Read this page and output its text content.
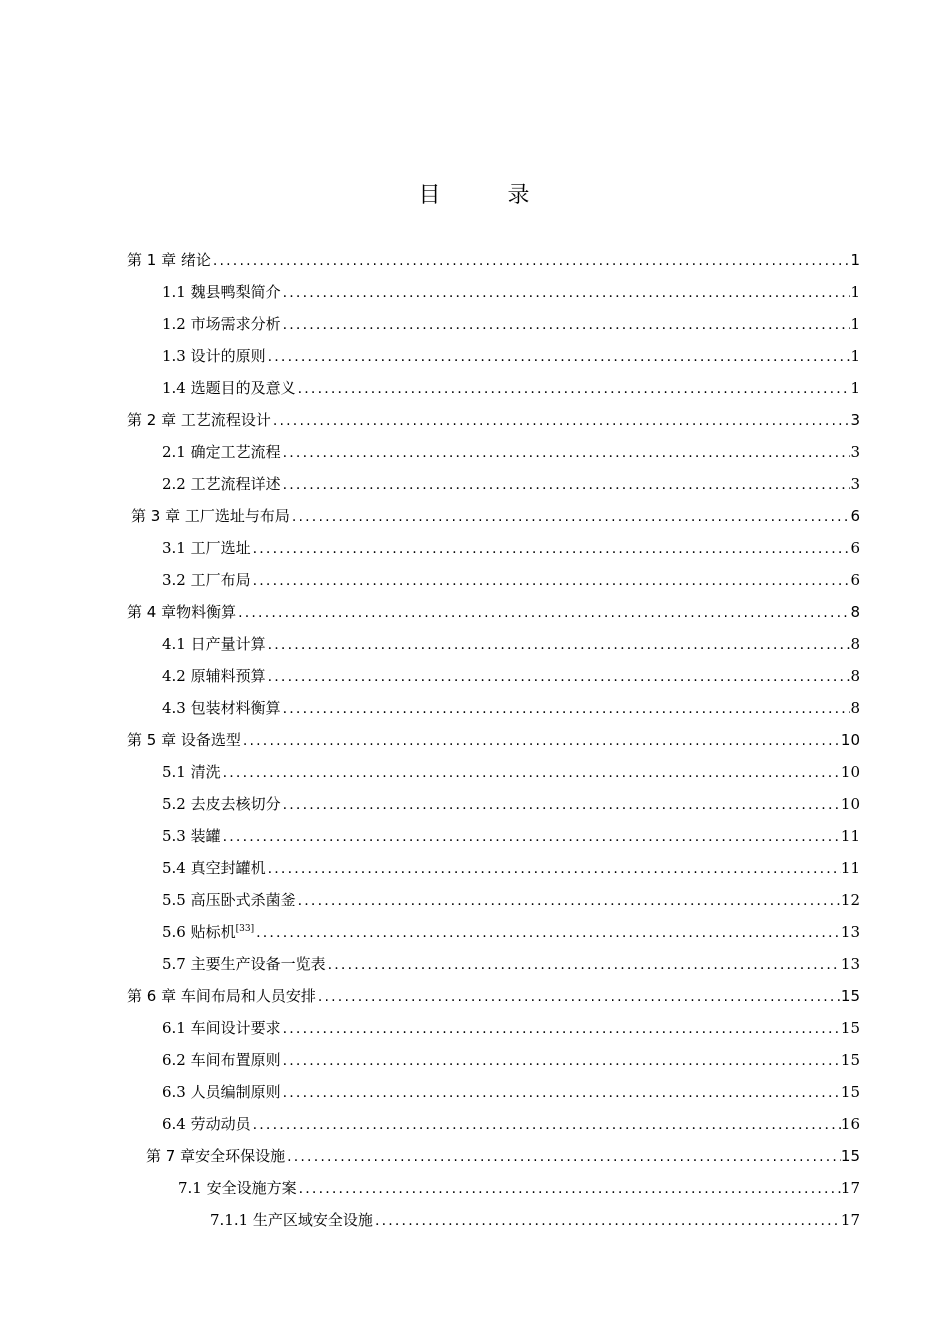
目 录
第 1 章 绪论 .....	1
1.1 魏县鸭梨简介 .....	1
1.2 市场需求分析 .....	1
1.3 设计的原则 .....	1
1.4 选题目的及意义 .....	1
第 2 章 工艺流程设计 .....	3
2.1 确定工艺流程 .....	3
2.2 工艺流程详述 .....	3
第 3 章 工厂选址与布局 .....	6
3.1 工厂选址 .....	6
3.2 工厂布局 .....	6
第 4 章物料衡算 .....	8
4.1 日产量计算 .....	8
4.2 原辅料预算 .....	8
4.3 包装材料衡算 .....	8
第 5 章 设备选型 .....	10
5.1 清洗 .....	10
5.2 去皮去核切分 .....	10
5.3 装罐 .....	11
5.4 真空封罐机 .....	11
5.5 高压卧式杀菌釜 .....	12
5.6 贴标机[33] .....	13
5.7 主要生产设备一览表 .....	13
第 6 章 车间布局和人员安排 .....	15
6.1 车间设计要求 .....	15
6.2 车间布置原则 .....	15
6.3 人员编制原则 .....	15
6.4 劳动动员 .....	16
第 7 章安全环保设施 .....	15
7.1 安全设施方案 .....	17
7.1.1 生产区域安全设施 .....	17
